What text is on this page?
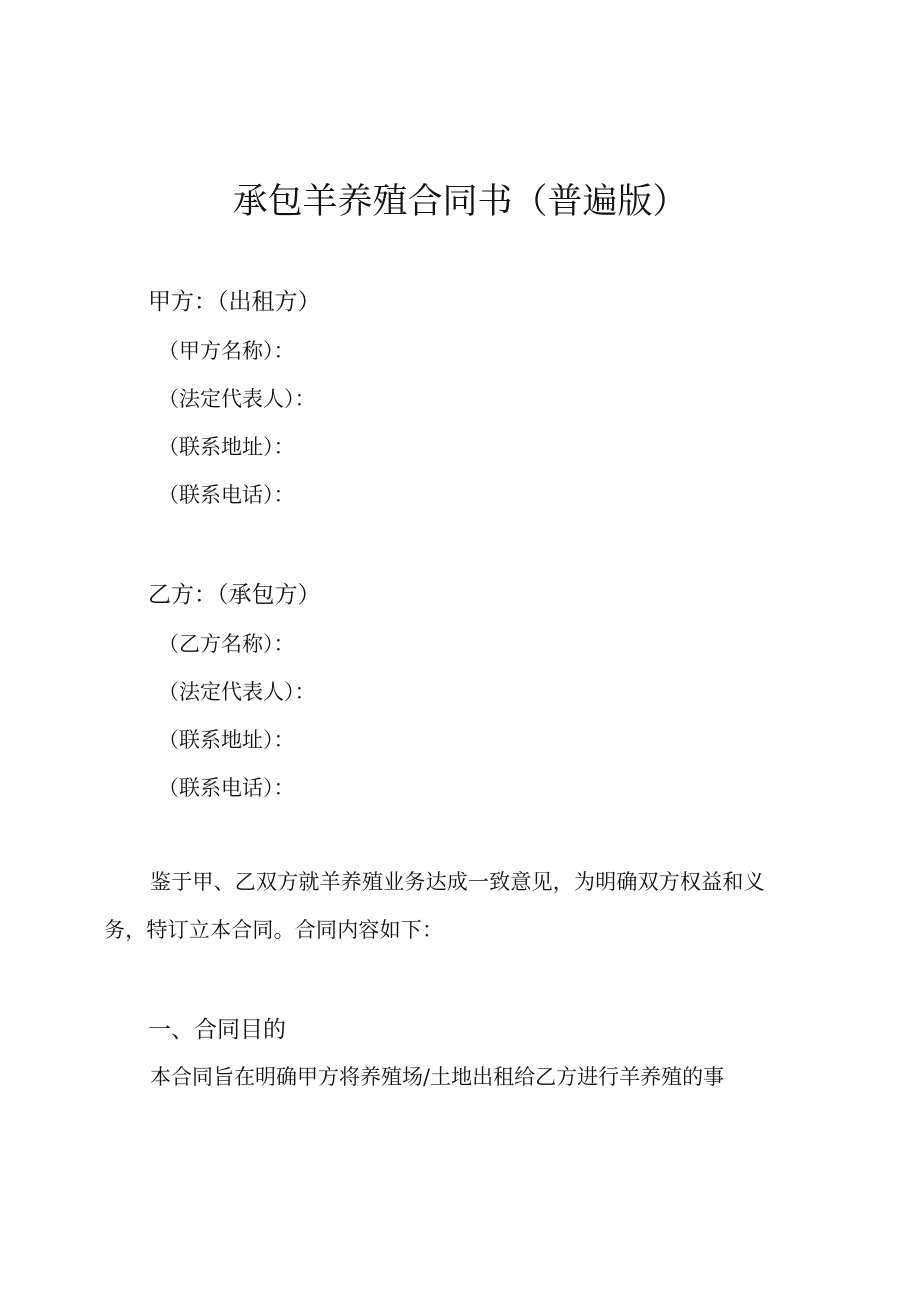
承包羊养殖合同书（普遍版）
甲方：（出租方）
（甲方名称）：
（法定代表人）：
（联系地址）：
（联系电话）：
乙方：（承包方）
（乙方名称）：
（法定代表人）：
（联系地址）：
（联系电话）：
鉴于甲、乙双方就羊养殖业务达成一致意见，为明确双方权益和义务，特订立本合同。合同内容如下：
一、合同目的
本合同旨在明确甲方将养殖场/土地出租给乙方进行羊养殖的事
